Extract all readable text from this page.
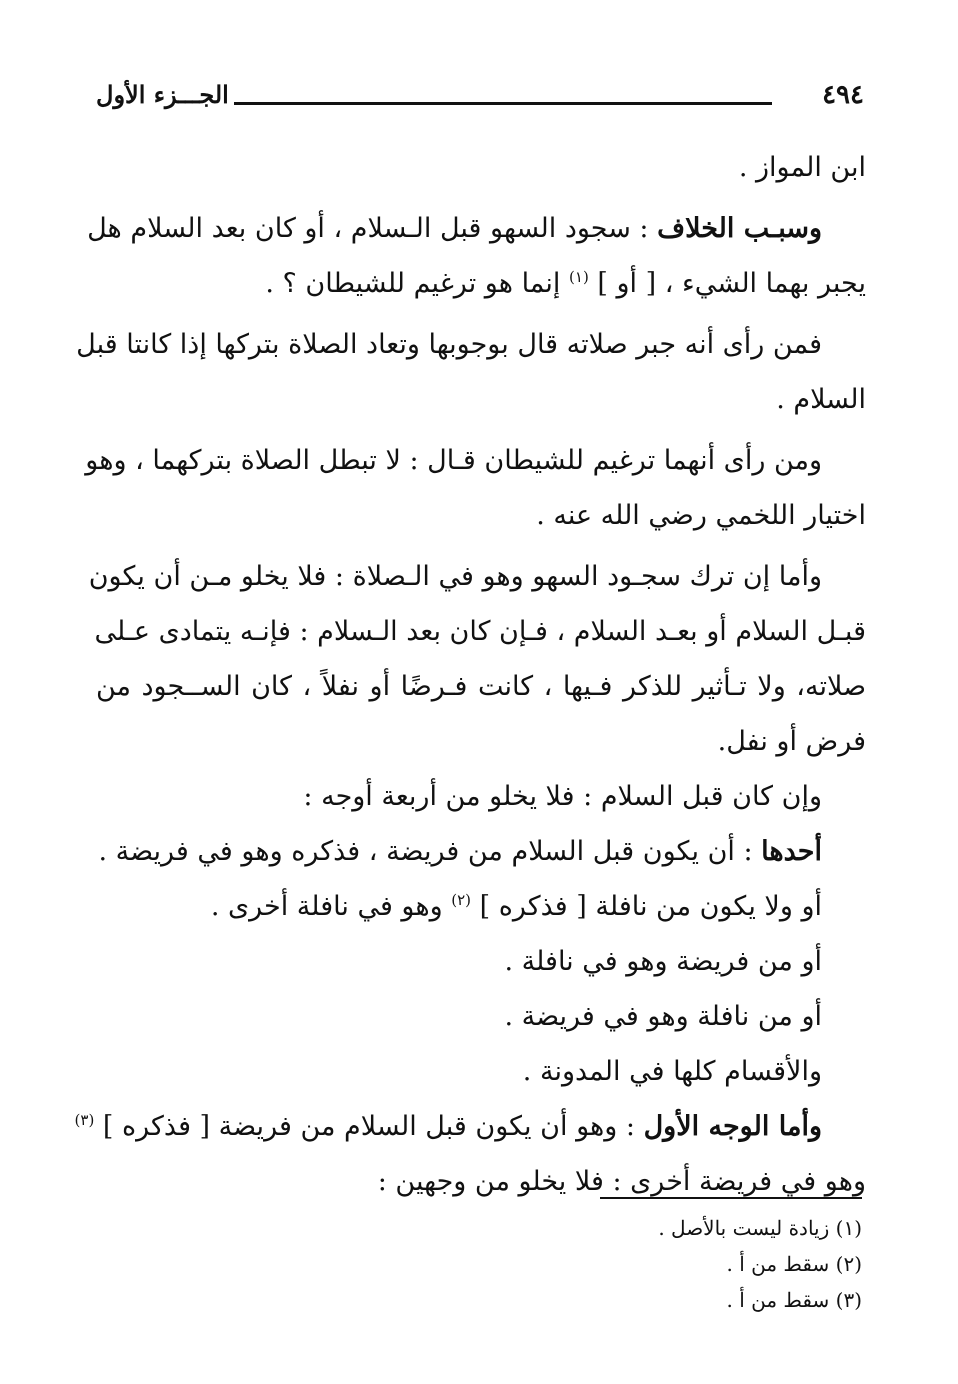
٤٩٤
الجـــزء الأول
ابن المواز .
وسبـب الخلاف : سجود السهو قبل الـسلام ، أو كان بعد السلام هل
يجبر بهما الشيء ، [ أو ] $^{(١)}$ إنما هو ترغيم للشيطان ؟ .
فمن رأى أنه جبر صلاته قال بوجوبها وتعاد الصلاة بتركها إذا كانتا قبل
السلام .
ومن رأى أنهما ترغيم للشيطان قـال : لا تبطل الصلاة بتركهما ، وهو
اختيار اللخمي رضي الله عنه .
وأما إن ترك سجـود السهو وهو في الـصلاة : فلا يخلو مـن أن يكون
قبـل السلام أو بعـد السلام ، فـإن كان بعد الـسلام : فإنـه يتمادى عـلى
صلاته، ولا تـأثير للذكر فـيها ، كانت فـرضًا أو نفلاً ، كان الســجود من
فرض أو نفل.
وإن كان قبل السلام : فلا يخلو من أربعة أوجه :
أحدها : أن يكون قبل السلام من فريضة ، فذكره وهو في فريضة .
أو ولا يكون من نافلة [ فذكره ] $^{(٢)}$ وهو في نافلة أخرى .
أو من فريضة وهو في نافلة .
أو من نافلة وهو في فريضة .
والأقسام كلها في المدونة .
وأما الوجه الأول : وهو أن يكون قبل السلام من فريضة [ فذكره ] $^{(٣)}$
وهو في فريضة أخرى : فلا يخلو من وجهين :
(١) زيادة ليست بالأصل .
(٢) سقط من أ .
(٣) سقط من أ .
